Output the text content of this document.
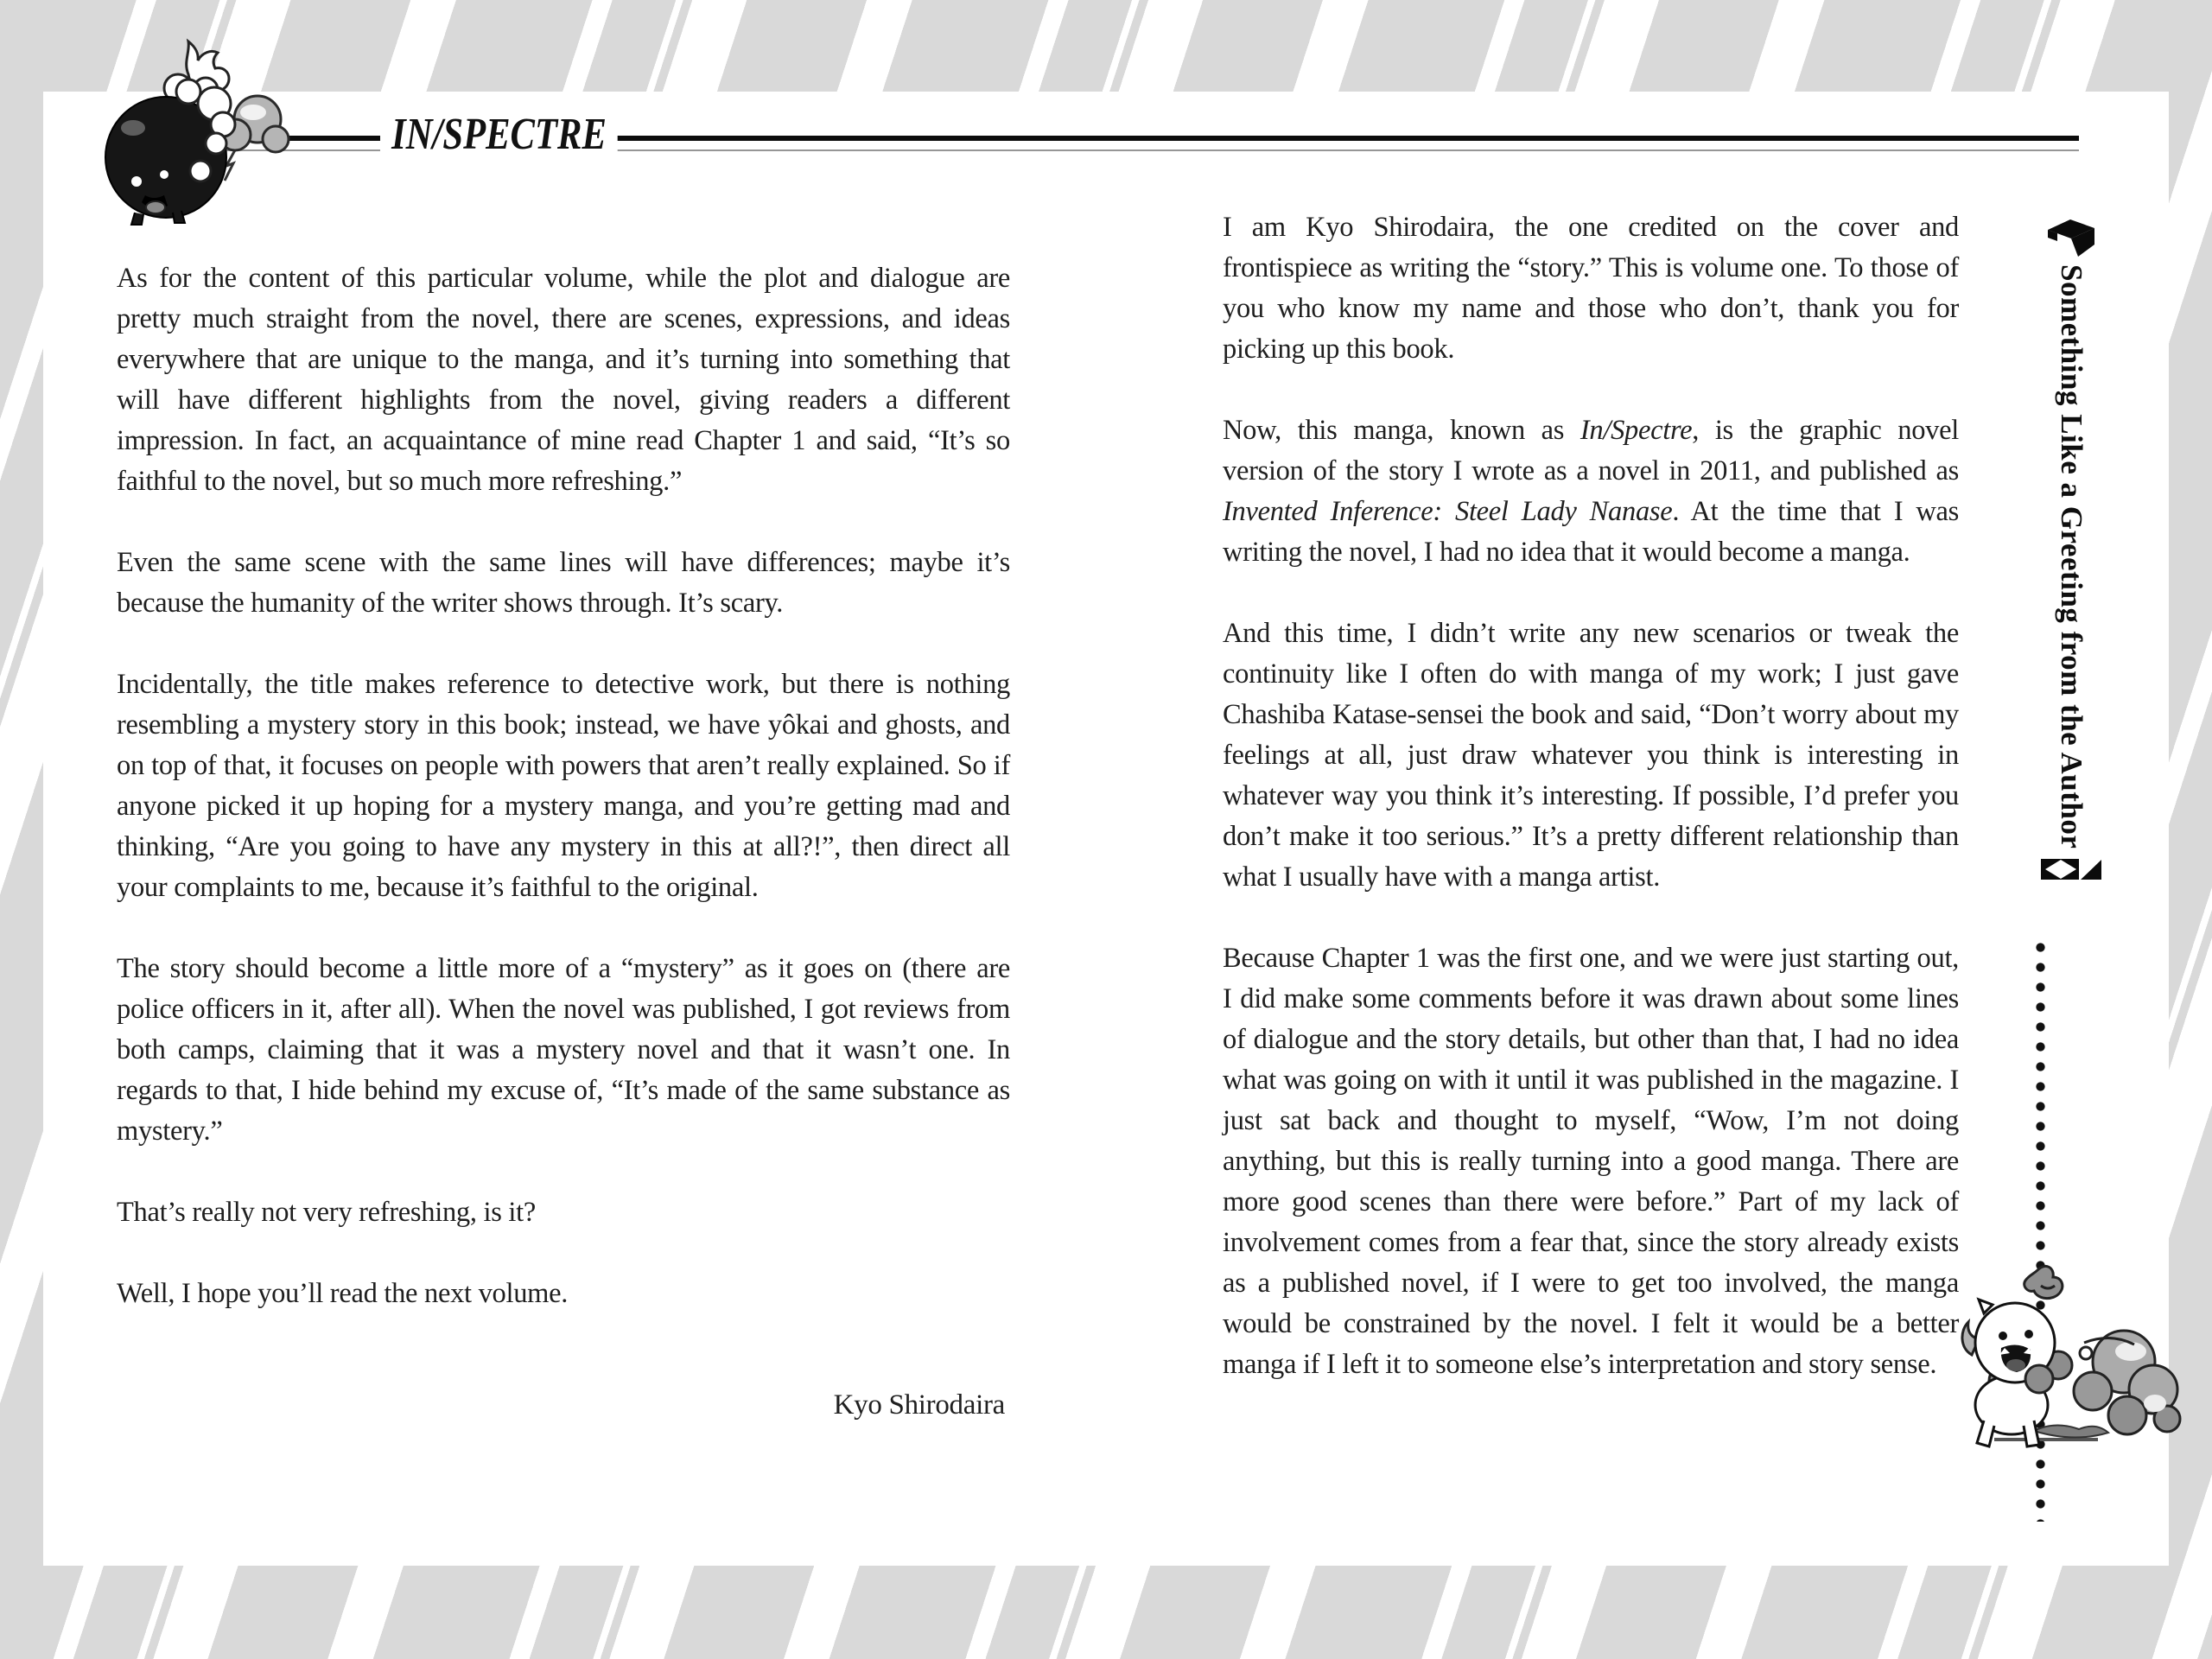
IN/SPECTRE

As for the content of this particular volume, while the plot and dialogue are pretty much straight from the novel, there are scenes, expressions, and ideas everywhere that are unique to the manga, and it’s turning into something that will have different highlights from the novel, giving readers a different impression. In fact, an acquaintance of mine read Chapter 1 and said, “It’s so faithful to the novel, but so much more refreshing.”

Even the same scene with the same lines will have differences; maybe it’s because the humanity of the writer shows through. It’s scary.

Incidentally, the title makes reference to detective work, but there is nothing resembling a mystery story in this book; instead, we have yôkai and ghosts, and on top of that, it focuses on people with powers that aren’t really explained. So if anyone picked it up hoping for a mystery manga, and you’re getting mad and thinking, “Are you going to have any mystery in this at all?!”, then direct all your complaints to me, because it’s faithful to the original.

The story should become a little more of a “mystery” as it goes on (there are police officers in it, after all). When the novel was published, I got reviews from both camps, claiming that it was a mystery novel and that it wasn’t one. In regards to that, I hide behind my excuse of, “It’s made of the same substance as mystery.”

That’s really not very refreshing, is it?

Well, I hope you’ll read the next volume.

Kyo Shirodaira

I am Kyo Shirodaira, the one credited on the cover and frontispiece as writing the “story.” This is volume one. To those of you who know my name and those who don’t, thank you for picking up this book.

Now, this manga, known as In/Spectre, is the graphic novel version of the story I wrote as a novel in 2011, and published as Invented Inference: Steel Lady Nanase. At the time that I was writing the novel, I had no idea that it would become a manga.

And this time, I didn’t write any new scenarios or tweak the continuity like I often do with manga of my work; I just gave Chashiba Katase-sensei the book and said, “Don’t worry about my feelings at all, just draw whatever you think is interesting in whatever way you think it’s interesting. If possible, I’d prefer you don’t make it too serious.” It’s a pretty different relationship than what I usually have with a manga artist.

Because Chapter 1 was the first one, and we were just starting out, I did make some comments before it was drawn about some lines of dialogue and the story details, but other than that, I had no idea what was going on with it until it was published in the magazine. I just sat back and thought to myself, “Wow, I’m not doing anything, but this is really turning into a good manga. There are more good scenes than there were before.” Part of my lack of involvement comes from a fear that, since the story already exists as a published novel, if I were to get too involved, the manga would be constrained by the novel. I felt it would be a better manga if I left it to someone else’s interpretation and story sense.

Something Like a Greeting from the Author
